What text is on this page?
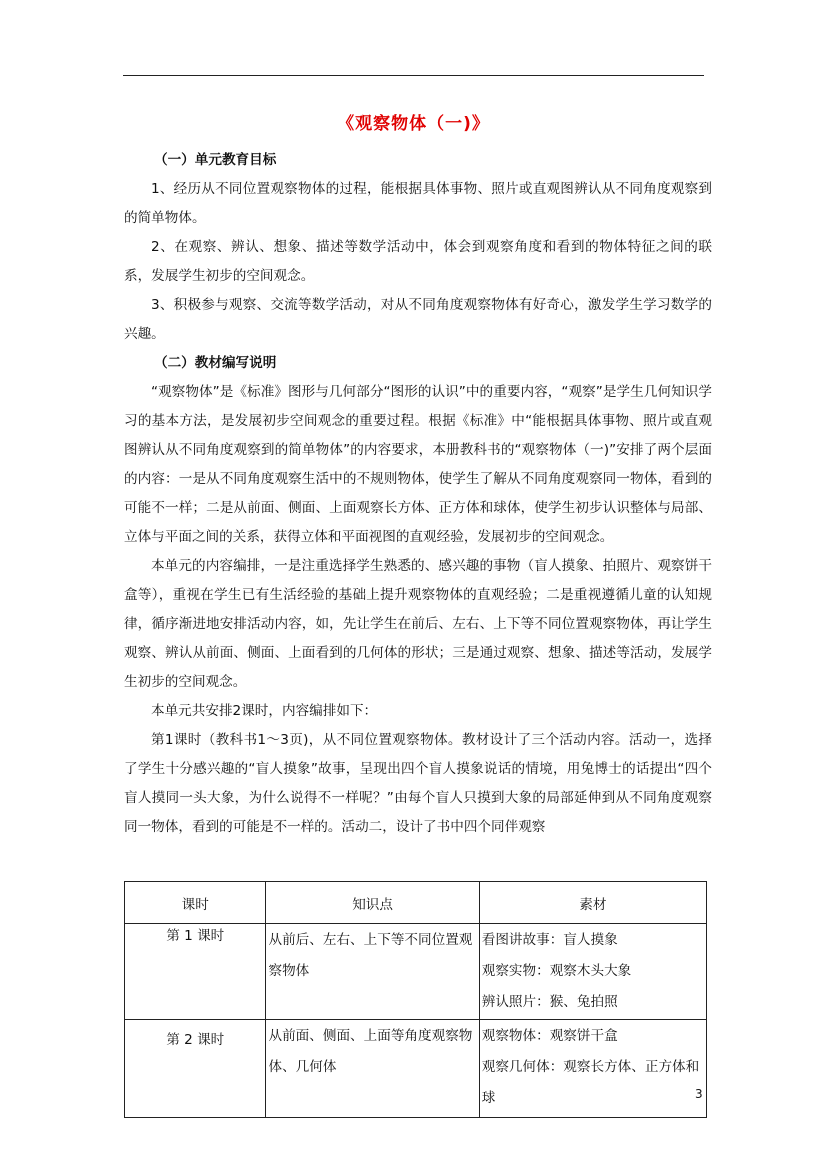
《观察物体（一)》
（一）单元教育目标

1、经历从不同位置观察物体的过程，能根据具体事物、照片或直观图辨认从不同角度观察到的简单物体。

2、在观察、辨认、想象、描述等数学活动中，体会到观察角度和看到的物体特征之间的联系，发展学生初步的空间观念。

3、积极参与观察、交流等数学活动，对从不同角度观察物体有好奇心，激发学生学习数学的兴趣。

（二）教材编写说明

“观察物体”是《标准》图形与几何部分“图形的认识”中的重要内容，“观察”是学生几何知识学习的基本方法，是发展初步空间观念的重要过程。根据《标准》中“能根据具体事物、照片或直观图辨认从不同角度观察到的简单物体”的内容要求，本册教科书的“观察物体（一)”安排了两个层面的内容：一是从不同角度观察生活中的不规则物体，使学生了解从不同角度观察同一物体，看到的可能不一样；二是从前面、侧面、上面观察长方体、正方体和球体，使学生初步认识整体与局部、立体与平面之间的关系，获得立体和平面视图的直观经验，发展初步的空间观念。

本单元的内容编排，一是注重选择学生熟悉的、感兴趣的事物（盲人摸象、拍照片、观察饼干盒等），重视在学生已有生活经验的基础上提升观察物体的直观经验；二是重视遵循儿童的认知规律，循序渐进地安排活动内容，如，先让学生在前后、左右、上下等不同位置观察物体，再让学生观察、辨认从前面、侧面、上面看到的几何体的形状；三是通过观察、想象、描述等活动，发展学生初步的空间观念。

本单元共安排2课时，内容编排如下：

第1课时（教科书1～3页)，从不同位置观察物体。教材设计了三个活动内容。活动一，选择了学生十分感兴趣的“盲人摸象”故事，呈现出四个盲人摸象说话的情境，用兔博士的话提出“四个盲人摸同一头大象，为什么说得不一样呢？”由每个盲人只摸到大象的局部延伸到从不同角度观察同一物体，看到的可能是不一样的。活动二，设计了书中四个同伴观察

课时	知识点	素材
第 1 课时	从前后、左右、上下等不同位置观察物体	看图讲故事：盲人摸象
观察实物：观察木头大象
辨认照片：猴、兔拍照

第 2 课时	从前面、侧面、上面等角度观察物体、几何体	观察物体：观察饼干盒
观察几何体：观察长方体、正方体和球	3
